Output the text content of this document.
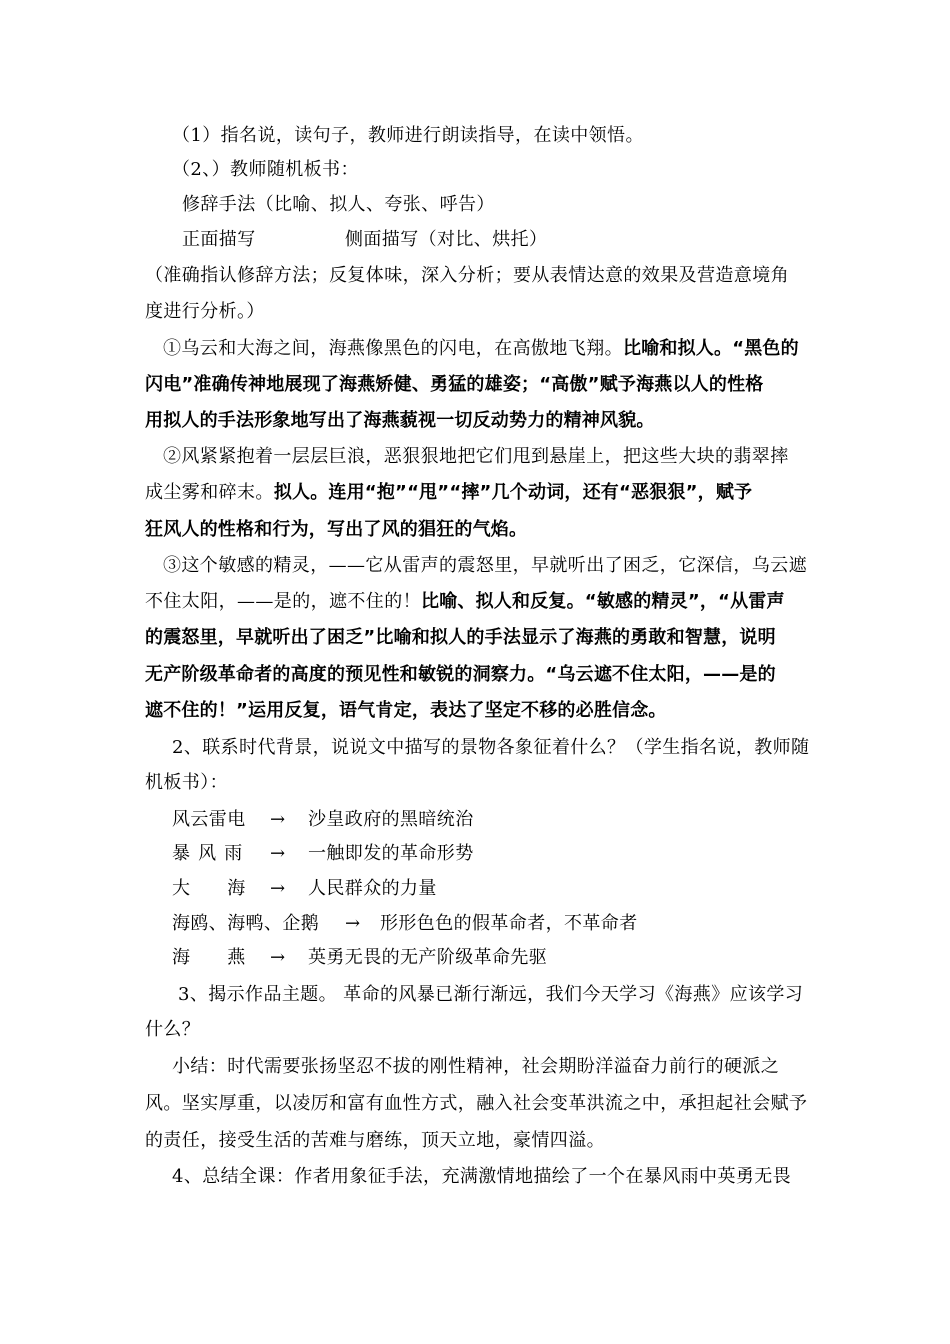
（1）指名说，读句子，教师进行朗读指导，在读中领悟。
（2、）教师随机板书：
修辞手法（比喻、拟人、夸张、呼告）
正面描写	侧面描写（对比、烘托）
（准确指认修辞方法；反复体味，深入分析；要从表情达意的效果及营造意境角
度进行分析。）
①乌云和大海之间，海燕像黑色的闪电，在高傲地飞翔。比喻和拟人。“黑色的
闪电”准确传神地展现了海燕矫健、勇猛的雄姿；“高傲”赋予海燕以人的性格
用拟人的手法形象地写出了海燕藐视一切反动势力的精神风貌。
②风紧紧抱着一层层巨浪，恶狠狠地把它们甩到悬崖上，把这些大块的翡翠摔
成尘雾和碎末。拟人。连用“抱”“甩”“摔”几个动词，还有“恶狠狠”，赋予
狂风人的性格和行为，写出了风的猖狂的气焰。
③这个敏感的精灵，——它从雷声的震怒里，早就听出了困乏，它深信，乌云遮
不住太阳，——是的，遮不住的！比喻、拟人和反复。“敏感的精灵”，“从雷声
的震怒里，早就听出了困乏”比喻和拟人的手法显示了海燕的勇敢和智慧，说明
无产阶级革命者的高度的预见性和敏锐的洞察力。“乌云遮不住太阳，——是的
遮不住的！”运用反复，语气肯定，表达了坚定不移的必胜信念。
2、联系时代背景，说说文中描写的景物各象征着什么？（学生指名说，教师随
机板书）：
风云雷电 → 沙皇政府的黑暗统治
暴 风 雨 → 一触即发的革命形势
大　　海 → 人民群众的力量
海鸥、海鸭、企鹅 → 形形色色的假革命者，不革命者
海　　燕 → 英勇无畏的无产阶级革命先驱
3、揭示作品主题。 革命的风暴已渐行渐远，我们今天学习《海燕》应该学习
什么？
小结：时代需要张扬坚忍不拔的刚性精神，社会期盼洋溢奋力前行的硬派之
风。坚实厚重，以凌厉和富有血性方式，融入社会变革洪流之中，承担起社会赋予
的责任，接受生活的苦难与磨练，顶天立地，豪情四溢。
4、总结全课：作者用象征手法，充满激情地描绘了一个在暴风雨中英勇无畏
